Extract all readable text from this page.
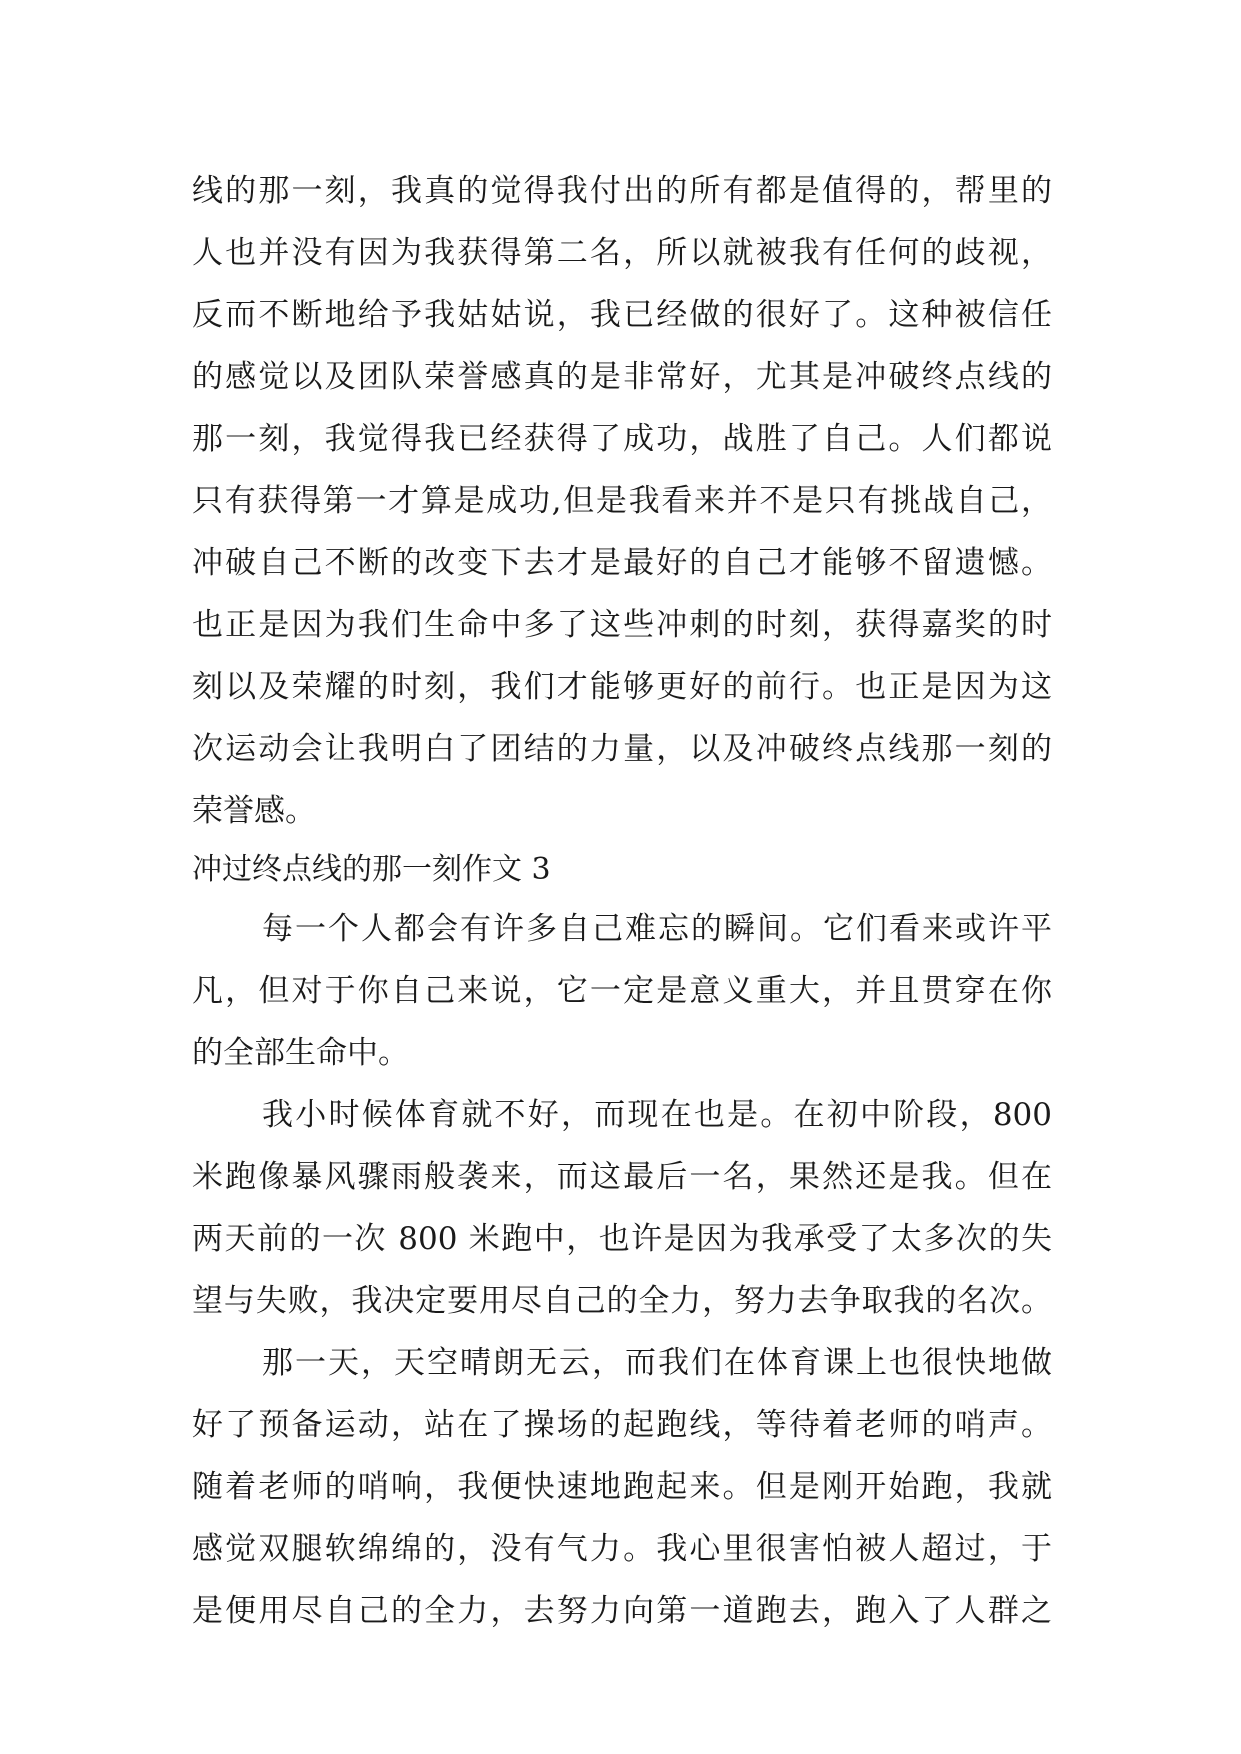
线的那一刻，我真的觉得我付出的所有都是值得的，帮里的
人也并没有因为我获得第二名，所以就被我有任何的歧视，
反而不断地给予我姑姑说，我已经做的很好了。这种被信任
的感觉以及团队荣誉感真的是非常好，尤其是冲破终点线的
那一刻，我觉得我已经获得了成功，战胜了自己。人们都说
只有获得第一才算是成功,但是我看来并不是只有挑战自己，
冲破自己不断的改变下去才是最好的自己才能够不留遗憾。
也正是因为我们生命中多了这些冲刺的时刻，获得嘉奖的时
刻以及荣耀的时刻，我们才能够更好的前行。也正是因为这
次运动会让我明白了团结的力量，以及冲破终点线那一刻的
荣誉感。
冲过终点线的那一刻作文 3
每一个人都会有许多自己难忘的瞬间。它们看来或许平
凡，但对于你自己来说，它一定是意义重大，并且贯穿在你
的全部生命中。
我小时候体育就不好，而现在也是。在初中阶段，800
米跑像暴风骤雨般袭来，而这最后一名，果然还是我。但在
两天前的一次 800 米跑中，也许是因为我承受了太多次的失
望与失败，我决定要用尽自己的全力，努力去争取我的名次。
那一天，天空晴朗无云，而我们在体育课上也很快地做
好了预备运动，站在了操场的起跑线，等待着老师的哨声。
随着老师的哨响，我便快速地跑起来。但是刚开始跑，我就
感觉双腿软绵绵的，没有气力。我心里很害怕被人超过，于
是便用尽自己的全力，去努力向第一道跑去，跑入了人群之
